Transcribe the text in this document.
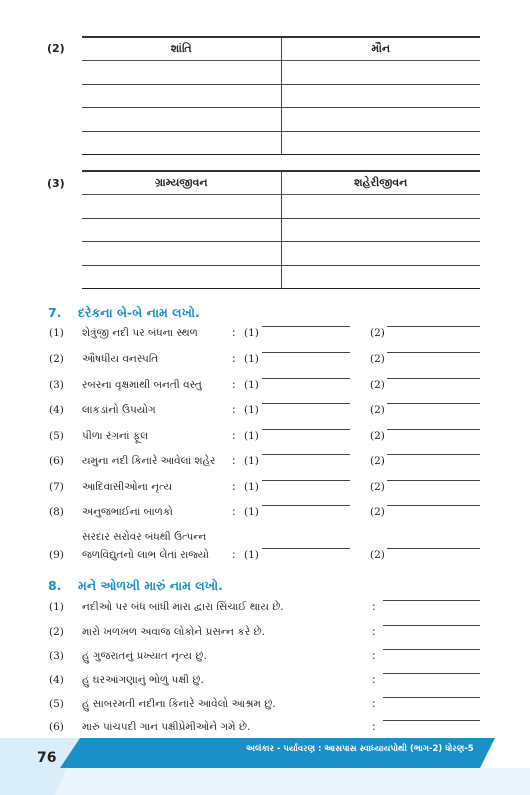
(2)	શાંતિ	મૌન

(3)	ગ્રામ્યજીવન	શહેરીજીવન

7. દરેકના બે-બે નામ લખો.
(1) શેત્રુંજી નદી પર બંધના સ્થળ	: (1)	(2)
(2) ઔષધીય વનસ્પતિ	: (1)	(2)
(3) રબરના વૃક્ષમાંથી બનતી વસ્તુ	: (1)	(2)
(4) લાકડાંનો ઉપયોગ	: (1)	(2)
(5) પીળા રંગનાં ફૂલ	: (1)	(2)
(6) યમુના નદી કિનારે આવેલાં શહેર : (1)	(2)
(7) આદિવાસીઓના નૃત્ય	: (1)	(2)
(8) અનુજભાઈનાં બાળકો	: (1)	(2)
(9)
સરદાર સરોવર બંધથી ઉત્પન્ન
જળવિદ્યુતનો લાભ લેતાં રાજ્યો : (1)	(2)
8. મને ઓળખી મારું નામ લખો.
(1) નદીઓ પર બંધ બાંધી મારા દ્વારા સિંચાઈ થાય છે.	:
(2) મારો ખળખળ અવાજ લોકોને પ્રસન્ન કરે છે.	:
(3) હું ગુજરાતનું પ્રખ્યાત નૃત્ય છું.	:
(4) હું ઘરઆંગણાનું ભોળું પક્ષી છું.	:
(5) હું સાબરમતી નદીના કિનારે આવેલો આશ્રમ છું.	:
(6) મારું પાંચપદી ગાન પક્ષીપ્રેમીઓને ગમે છે.	:
76
અલંકાર - પર્યાવરણ : આસપાસ સ્વાધ્યાયપોથી (ભાગ-2) ધોરણ-5
